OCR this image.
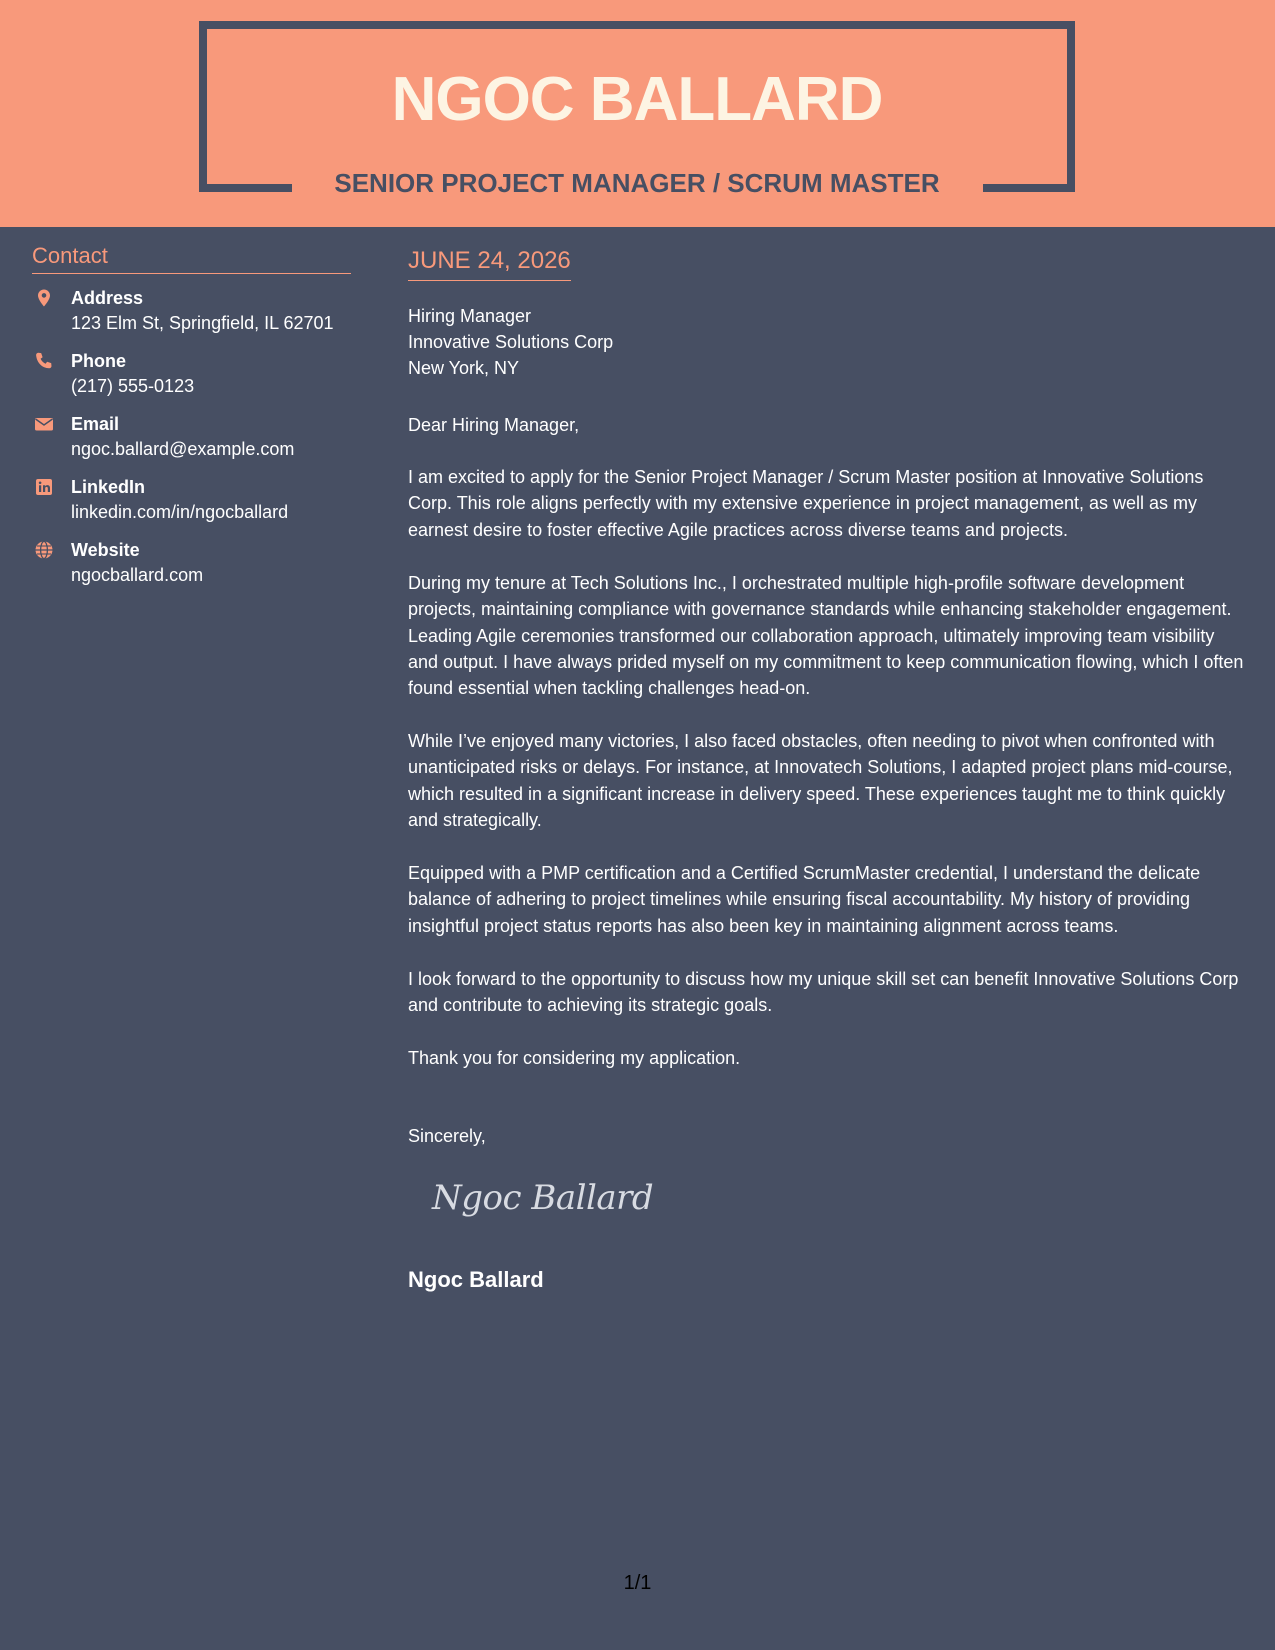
NGOC BALLARD
SENIOR PROJECT MANAGER / SCRUM MASTER
Contact
Address
123 Elm St, Springfield, IL 62701
Phone
(217) 555-0123
Email
ngoc.ballard@example.com
LinkedIn
linkedin.com/in/ngocballard
Website
ngocballard.com
JUNE 24, 2026
Hiring Manager
Innovative Solutions Corp
New York, NY
Dear Hiring Manager,

I am excited to apply for the Senior Project Manager / Scrum Master position at Innovative Solutions Corp. This role aligns perfectly with my extensive experience in project management, as well as my earnest desire to foster effective Agile practices across diverse teams and projects.

During my tenure at Tech Solutions Inc., I orchestrated multiple high-profile software development projects, maintaining compliance with governance standards while enhancing stakeholder engagement. Leading Agile ceremonies transformed our collaboration approach, ultimately improving team visibility and output. I have always prided myself on my commitment to keep communication flowing, which I often found essential when tackling challenges head-on.

While I’ve enjoyed many victories, I also faced obstacles, often needing to pivot when confronted with unanticipated risks or delays. For instance, at Innovatech Solutions, I adapted project plans mid-course, which resulted in a significant increase in delivery speed. These experiences taught me to think quickly and strategically.

Equipped with a PMP certification and a Certified ScrumMaster credential, I understand the delicate balance of adhering to project timelines while ensuring fiscal accountability. My history of providing insightful project status reports has also been key in maintaining alignment across teams.

I look forward to the opportunity to discuss how my unique skill set can benefit Innovative Solutions Corp and contribute to achieving its strategic goals.

Thank you for considering my application.

Sincerely,
Ngoc Ballard
Ngoc Ballard
1/1
